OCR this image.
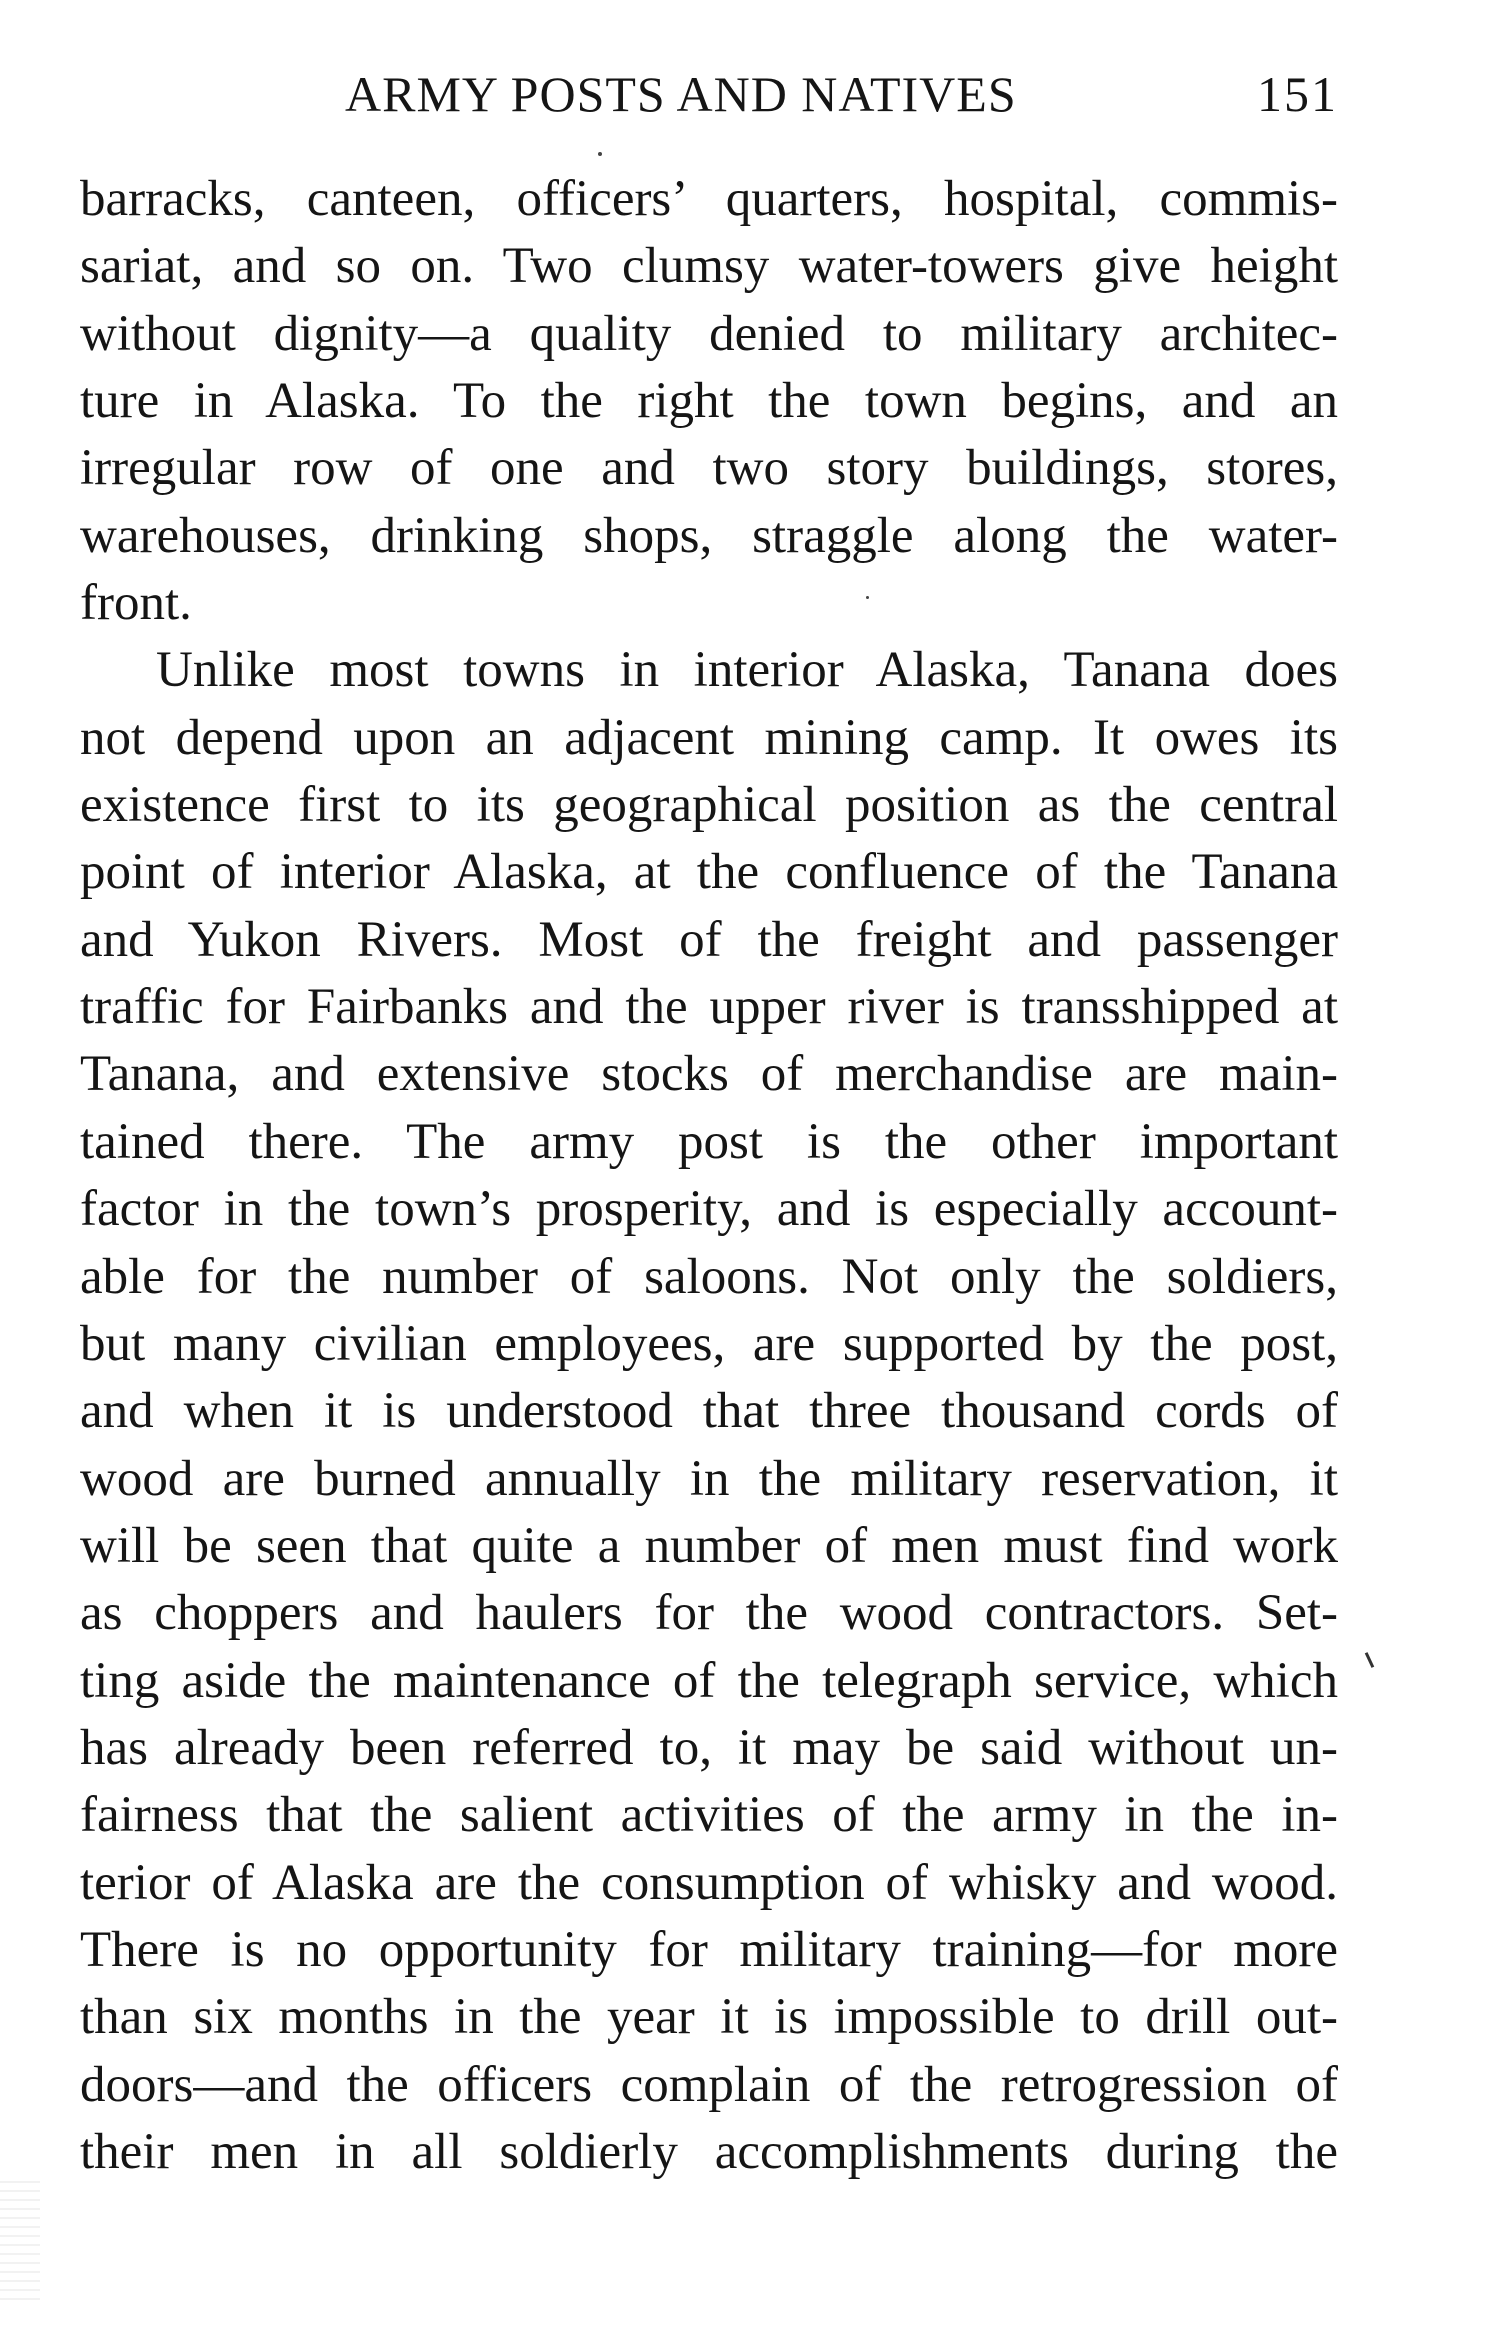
ARMY POSTS AND NATIVES	151
barracks, canteen, officers’ quarters, hospital, commis-
sariat, and so on. Two clumsy water-towers give height
without dignity—a quality denied to military architec-
ture in Alaska. To the right the town begins, and an
irregular row of one and two story buildings, stores,
warehouses, drinking shops, straggle along the water-
front.
Unlike most towns in interior Alaska, Tanana does
not depend upon an adjacent mining camp. It owes its
existence first to its geographical position as the central
point of interior Alaska, at the confluence of the Tanana
and Yukon Rivers. Most of the freight and passenger
traffic for Fairbanks and the upper river is transshipped at
Tanana, and extensive stocks of merchandise are main-
tained there. The army post is the other important
factor in the town’s prosperity, and is especially account-
able for the number of saloons. Not only the soldiers,
but many civilian employees, are supported by the post,
and when it is understood that three thousand cords of
wood are burned annually in the military reservation, it
will be seen that quite a number of men must find work
as choppers and haulers for the wood contractors. Set-
ting aside the maintenance of the telegraph service, which
has already been referred to, it may be said without un-
fairness that the salient activities of the army in the in-
terior of Alaska are the consumption of whisky and wood.
There is no opportunity for military training—for more
than six months in the year it is impossible to drill out-
doors—and the officers complain of the retrogression of
their men in all soldierly accomplishments during the
